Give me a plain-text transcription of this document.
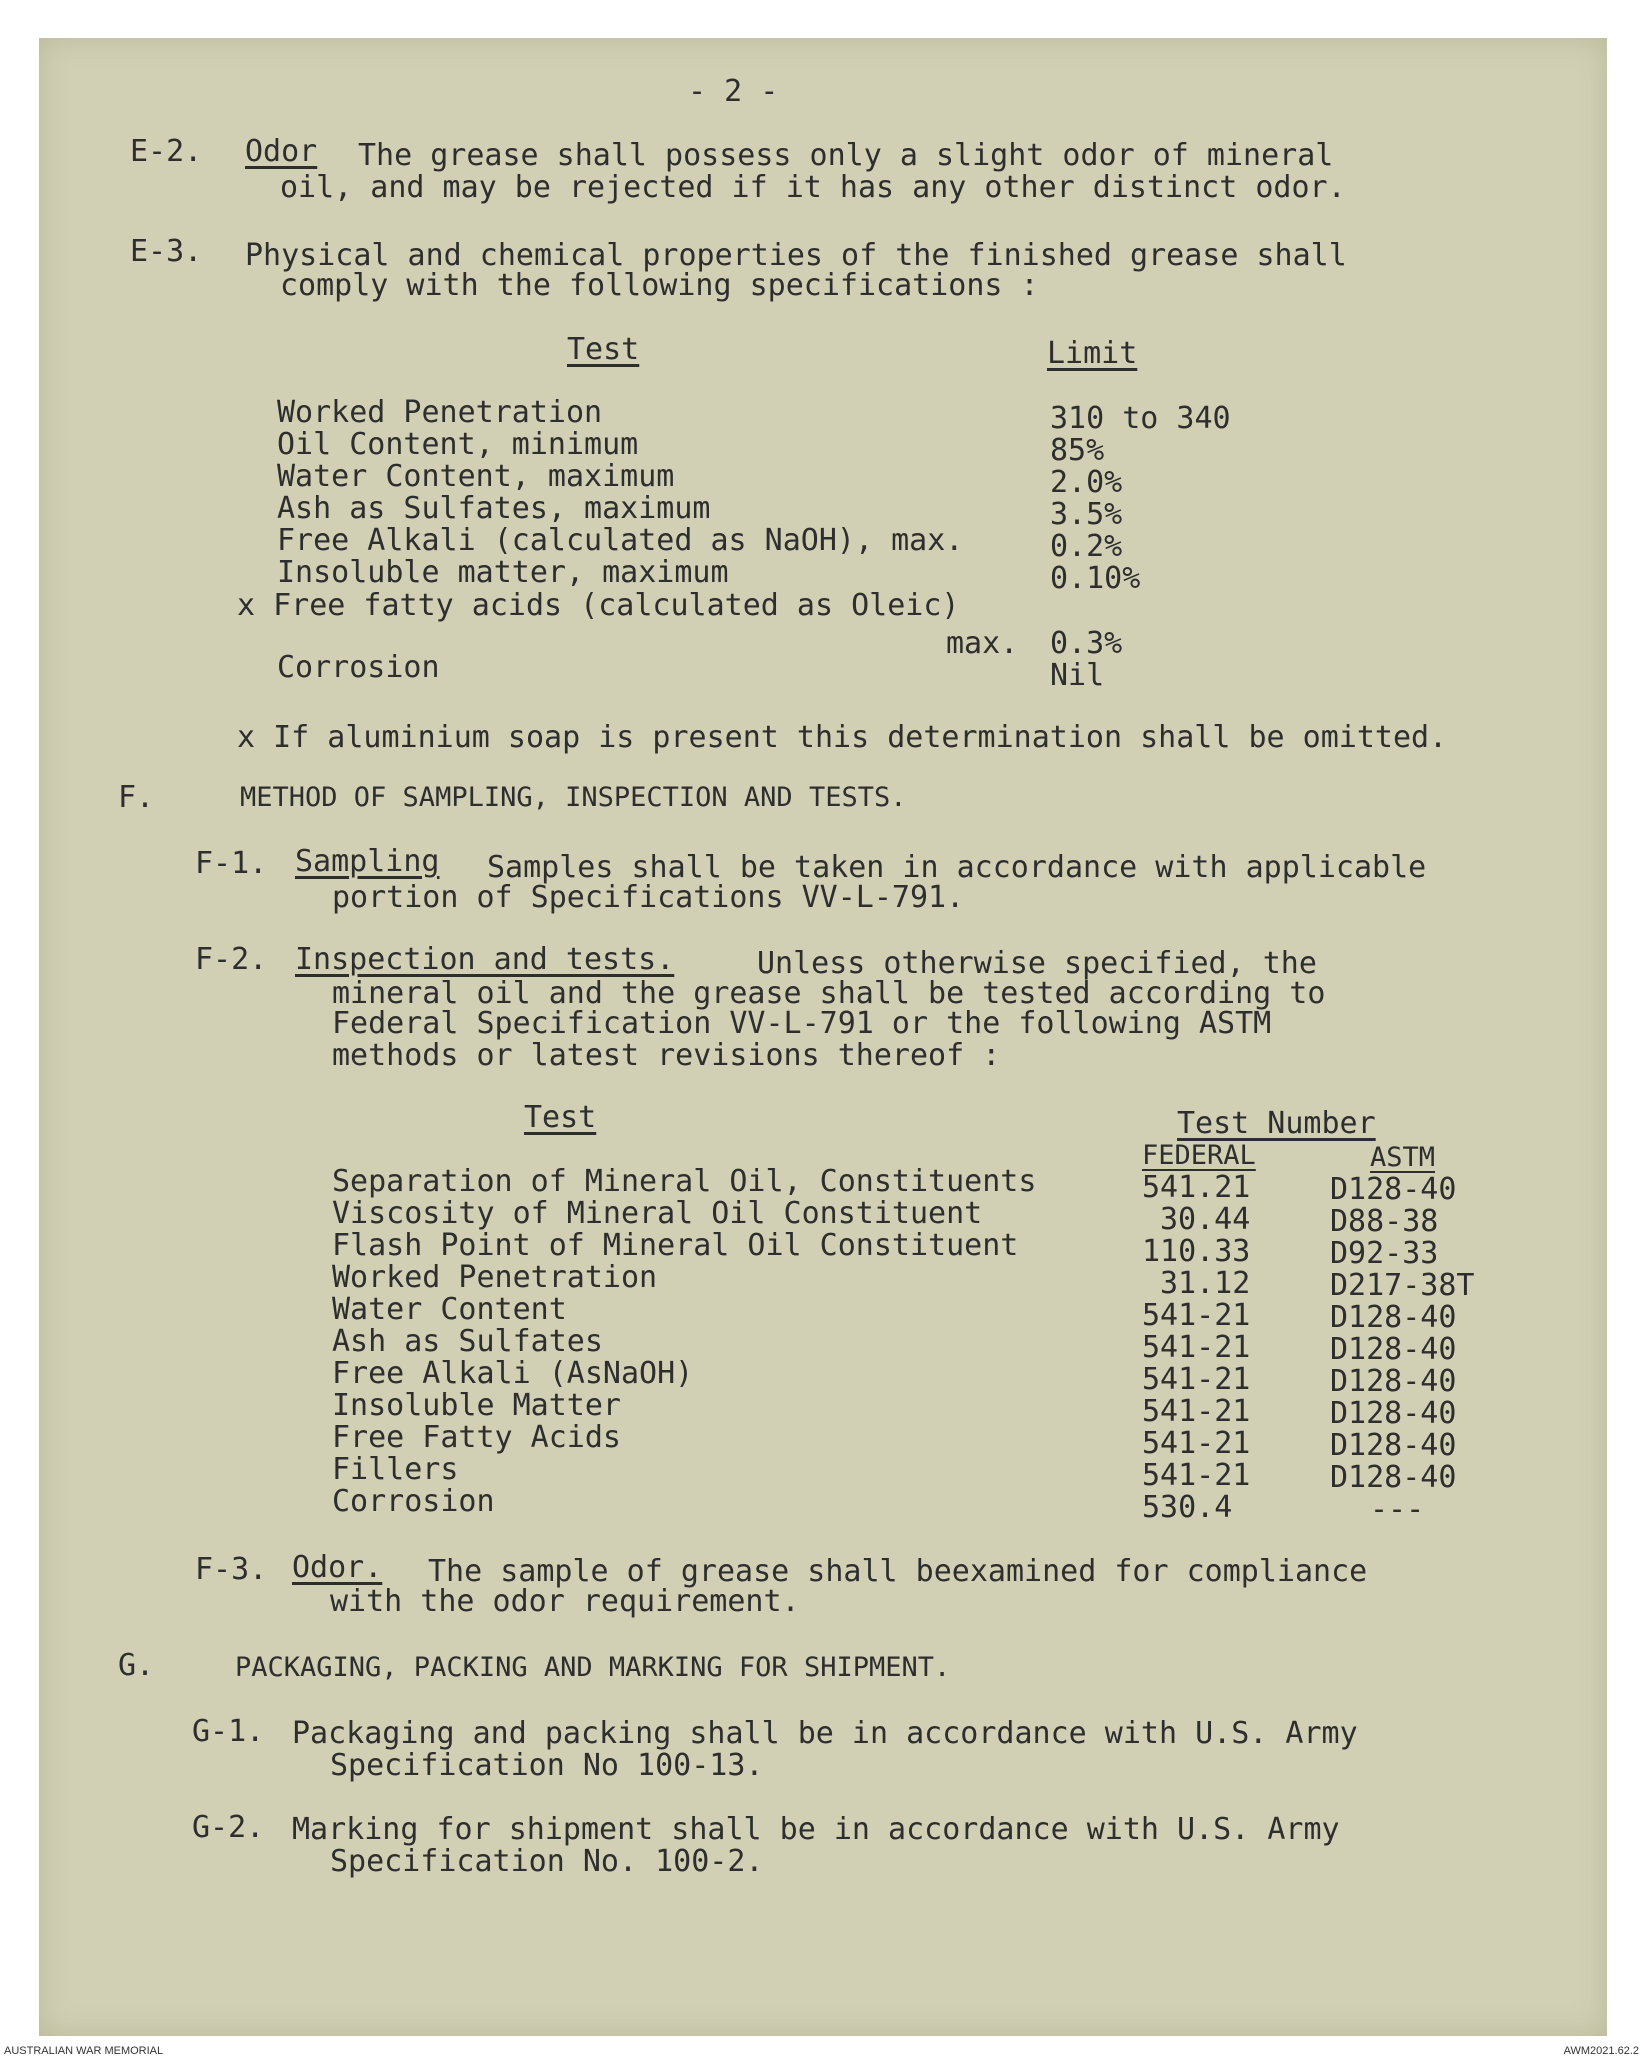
- 2 -
E-2. Odor The grease shall possess only a slight odor of mineral
oil, and may be rejected if it has any other distinct odor.
E-3. Physical and chemical properties of the finished grease shall
comply with the following specifications :
Test	Limit
Worked Penetration	310 to 340
Oil Content, minimum	85%
Water Content, maximum	2.0%
Ash as Sulfates, maximum	3.5%
Free Alkali (calculated as NaOH), max.	0.2%
Insoluble matter, maximum	0.10%
x Free fatty acids (calculated as Oleic)
max. 0.3%
Corrosion	Nil
x If aluminium soap is present this determination shall be omitted.
F.	METHOD OF SAMPLING, INSPECTION AND TESTS.
F-1. Sampling Samples shall be taken in accordance with applicable
portion of Specifications VV-L-791.
F-2. Inspection and tests.	Unless otherwise specified, the
mineral oil and the grease shall be tested according to
Federal Specification VV-L-791 or the following ASTM
methods or latest revisions thereof :
Test	Test Number
FEDERAL	ASTM
Separation of Mineral Oil, Constituents	541.21	D128-40
Viscosity of Mineral Oil Constituent	30.44	D88-38
Flash Point of Mineral Oil Constituent	110.33	D92-33
Worked Penetration	31.12	D217-38T
Water Content	541-21	D128-40
Ash as Sulfates	541-21	D128-40
Free Alkali (AsNaOH)	541-21	D128-40
Insoluble Matter	541-21	D128-40
Free Fatty Acids	541-21	D128-40
Fillers	541-21	D128-40
Corrosion	530.4	---
F-3. Odor. The sample of grease shall beexamined for compliance
with the odor requirement.
G.	PACKAGING, PACKING AND MARKING FOR SHIPMENT.
G-1. Packaging and packing shall be in accordance with U.S. Army
Specification No 100-13.
G-2. Marking for shipment shall be in accordance with U.S. Army
Specification No. 100-2.
AUSTRALIAN WAR MEMORIAL	AWM2021.62.2
